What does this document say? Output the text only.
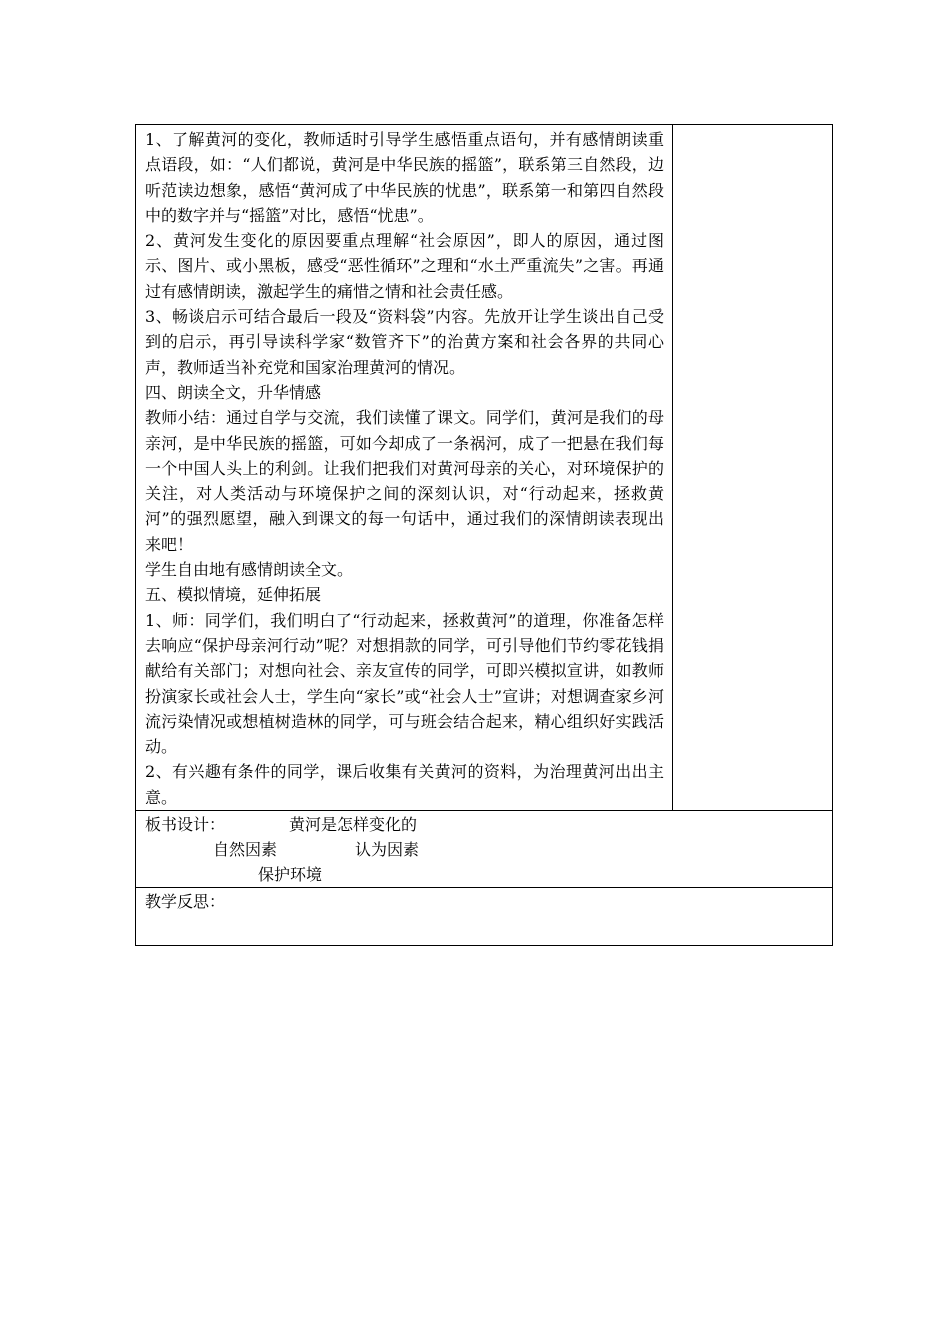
1、了解黄河的变化，教师适时引导学生感悟重点语句，并有感情朗读重点语段，如：“人们都说，黄河是中华民族的摇篮”，联系第三自然段，边听范读边想象，感悟“黄河成了中华民族的忧患”，联系第一和第四自然段中的数字并与“摇篮”对比，感悟“忧患”。

2、黄河发生变化的原因要重点理解“社会原因”，即人的原因，通过图示、图片、或小黑板，感受“恶性循环”之理和“水土严重流失”之害。再通过有感情朗读，激起学生的痛惜之情和社会责任感。

3、畅谈启示可结合最后一段及“资料袋”内容。先放开让学生谈出自己受到的启示，再引导读科学家“数管齐下”的治黄方案和社会各界的共同心声，教师适当补充党和国家治理黄河的情况。

四、朗读全文，升华情感

教师小结：通过自学与交流，我们读懂了课文。同学们，黄河是我们的母亲河，是中华民族的摇篮，可如今却成了一条祸河，成了一把悬在我们每一个中国人头上的利剑。让我们把我们对黄河母亲的关心，对环境保护的关注，对人类活动与环境保护之间的深刻认识，对“行动起来，拯救黄河”的强烈愿望，融入到课文的每一句话中，通过我们的深情朗读表现出来吧！

学生自由地有感情朗读全文。

五、模拟情境，延伸拓展

1、师：同学们，我们明白了“行动起来，拯救黄河”的道理，你准备怎样去响应“保护母亲河行动”呢？对想捐款的同学，可引导他们节约零花钱捐献给有关部门；对想向社会、亲友宣传的同学，可即兴模拟宣讲，如教师扮演家长或社会人士，学生向“家长”或“社会人士”宣讲；对想调查家乡河流污染情况或想植树造林的同学，可与班会结合起来，精心组织好实践活动。

2、有兴趣有条件的同学，课后收集有关黄河的资料，为治理黄河出出主意。

板书设计：	黄河是怎样变化的
自然因素	认为因素
保护环境

教学反思：
